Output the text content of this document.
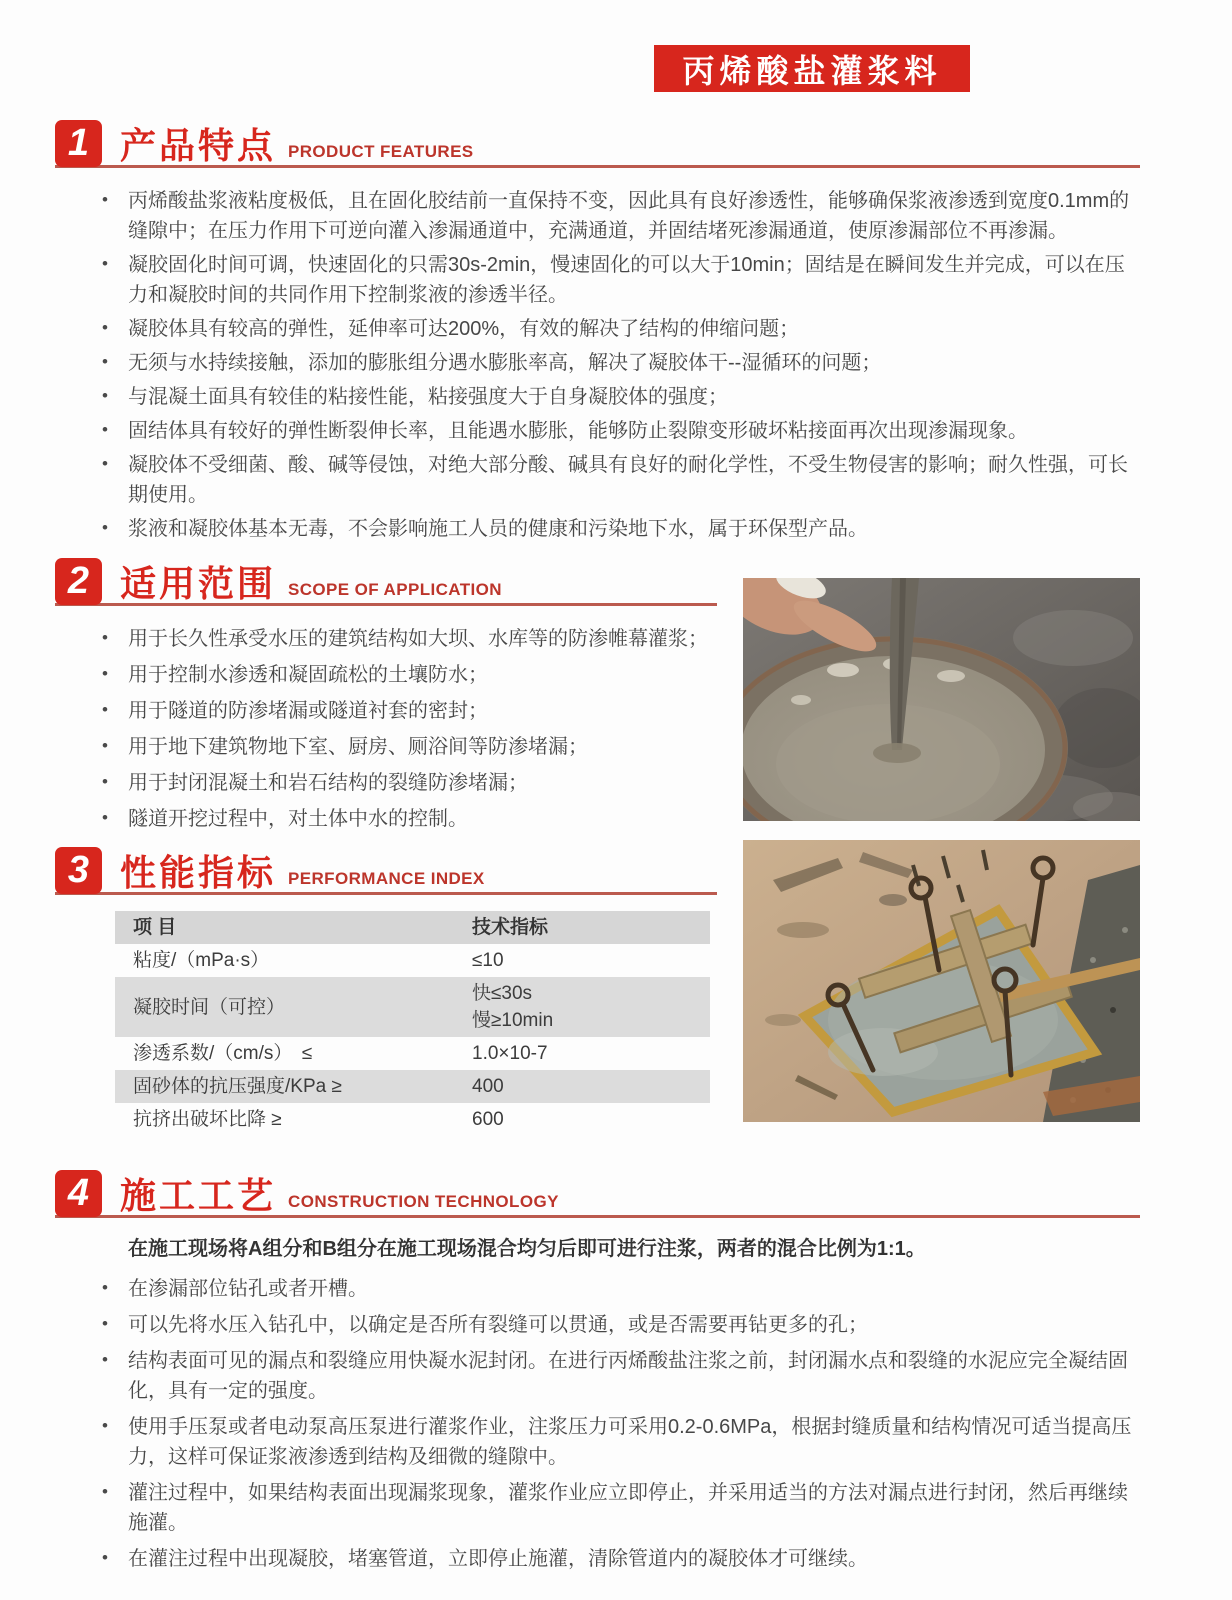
丙烯酸盐灌浆料
1 产品特点 PRODUCT FEATURES
• 丙烯酸盐浆液粘度极低，且在固化胶结前一直保持不变，因此具有良好渗透性，能够确保浆液渗透到宽度0.1mm的缝隙中；在压力作用下可逆向灌入渗漏通道中，充满通道，并固结堵死渗漏通道，使原渗漏部位不再渗漏。
• 凝胶固化时间可调，快速固化的只需30s-2min，慢速固化的可以大于10min；固结是在瞬间发生并完成，可以在压力和凝胶时间的共同作用下控制浆液的渗透半径。
• 凝胶体具有较高的弹性，延伸率可达200%，有效的解决了结构的伸缩问题；
• 无须与水持续接触，添加的膨胀组分遇水膨胀率高，解决了凝胶体干--湿循环的问题；
• 与混凝土面具有较佳的粘接性能，粘接强度大于自身凝胶体的强度；
• 固结体具有较好的弹性断裂伸长率，且能遇水膨胀，能够防止裂隙变形破坏粘接面再次出现渗漏现象。
• 凝胶体不受细菌、酸、碱等侵蚀，对绝大部分酸、碱具有良好的耐化学性，不受生物侵害的影响；耐久性强，可长期使用。
• 浆液和凝胶体基本无毒，不会影响施工人员的健康和污染地下水，属于环保型产品。
2 适用范围 SCOPE OF APPLICATION
• 用于长久性承受水压的建筑结构如大坝、水库等的防渗帷幕灌浆；
• 用于控制水渗透和凝固疏松的土壤防水；
• 用于隧道的防渗堵漏或隧道衬套的密封；
• 用于地下建筑物地下室、厨房、厕浴间等防渗堵漏；
• 用于封闭混凝土和岩石结构的裂缝防渗堵漏；
• 隧道开挖过程中，对土体中水的控制。
3 性能指标 PERFORMANCE INDEX
项 目	技术指标
粘度/（mPa·s）	≤10
凝胶时间（可控）	快≤30s
慢≥10min

渗透系数/（cm/s）　≤	1.0×10-7
固砂体的抗压强度/KPa ≥	400
抗挤出破坏比降 ≥	600
4 施工工艺 CONSTRUCTION TECHNOLOGY

在施工现场将A组分和B组分在施工现场混合均匀后即可进行注浆，两者的混合比例为1:1。

• 在渗漏部位钻孔或者开槽。
• 可以先将水压入钻孔中，以确定是否所有裂缝可以贯通，或是否需要再钻更多的孔；
• 结构表面可见的漏点和裂缝应用快凝水泥封闭。在进行丙烯酸盐注浆之前，封闭漏水点和裂缝的水泥应完全凝结固化，具有一定的强度。
• 使用手压泵或者电动泵高压泵进行灌浆作业，注浆压力可采用0.2-0.6MPa，根据封缝质量和结构情况可适当提高压力，这样可保证浆液渗透到结构及细微的缝隙中。
• 灌注过程中，如果结构表面出现漏浆现象，灌浆作业应立即停止，并采用适当的方法对漏点进行封闭，然后再继续施灌。
• 在灌注过程中出现凝胶，堵塞管道，立即停止施灌，清除管道内的凝胶体才可继续。
